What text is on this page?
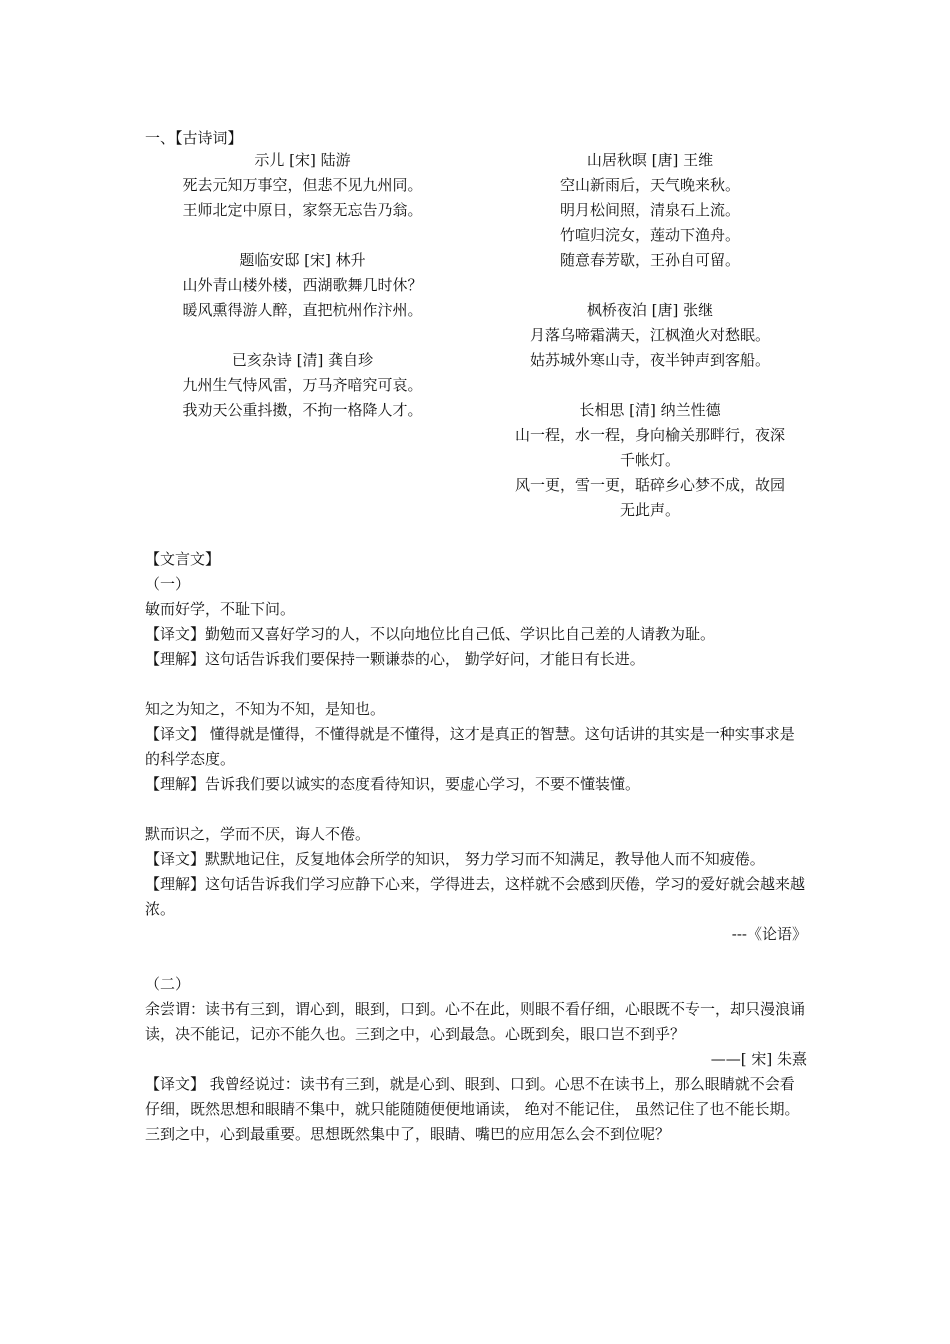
一、【古诗词】
示儿 [宋] 陆游
死去元知万事空，但悲不见九州同。
王师北定中原日，家祭无忘告乃翁。
题临安邸 [宋] 林升
山外青山楼外楼，西湖歌舞几时休？
暖风熏得游人醉，直把杭州作汴州。
已亥杂诗 [清] 龚自珍
九州生气恃风雷，万马齐喑究可哀。
我劝天公重抖擞，不拘一格降人才。
山居秋暝 [唐] 王维
空山新雨后，天气晚来秋。
明月松间照，清泉石上流。
竹喧归浣女，莲动下渔舟。
随意春芳歇，王孙自可留。
枫桥夜泊 [唐] 张继
月落乌啼霜满天，江枫渔火对愁眠。
姑苏城外寒山寺，夜半钟声到客船。
长相思 [清] 纳兰性德
山一程，水一程，身向榆关那畔行，夜深
千帐灯。
风一更，雪一更，聒碎乡心梦不成，故园
无此声。

【文言文】

（一）

敏而好学，不耻下问。

【译文】勤勉而又喜好学习的人，不以向地位比自己低、学识比自己差的人请教为耻。

【理解】这句话告诉我们要保持一颗谦恭的心， 勤学好问，才能日有长进。

知之为知之，不知为不知，是知也。

【译文】 懂得就是懂得，不懂得就是不懂得，这才是真正的智慧。这句话讲的其实是一种实事求是的科学态度。

【理解】告诉我们要以诚实的态度看待知识，要虚心学习，不要不懂装懂。

默而识之，学而不厌，诲人不倦。

【译文】默默地记住，反复地体会所学的知识， 努力学习而不知满足，教导他人而不知疲倦。

【理解】这句话告诉我们学习应静下心来，学得进去，这样就不会感到厌倦，学习的爱好就会越来越浓。

---《论语》

（二）

余尝谓：读书有三到，谓心到，眼到，口到。心不在此，则眼不看仔细，心眼既不专一，却只漫浪诵读，决不能记，记亦不能久也。三到之中，心到最急。心既到矣，眼口岂不到乎？

——[ 宋] 朱熹

【译文】 我曾经说过：读书有三到，就是心到、眼到、口到。心思不在读书上，那么眼睛就不会看仔细，既然思想和眼睛不集中，就只能随随便便地诵读， 绝对不能记住， 虽然记住了也不能长期。 三到之中，心到最重要。思想既然集中了，眼睛、嘴巴的应用怎么会不到位呢？
